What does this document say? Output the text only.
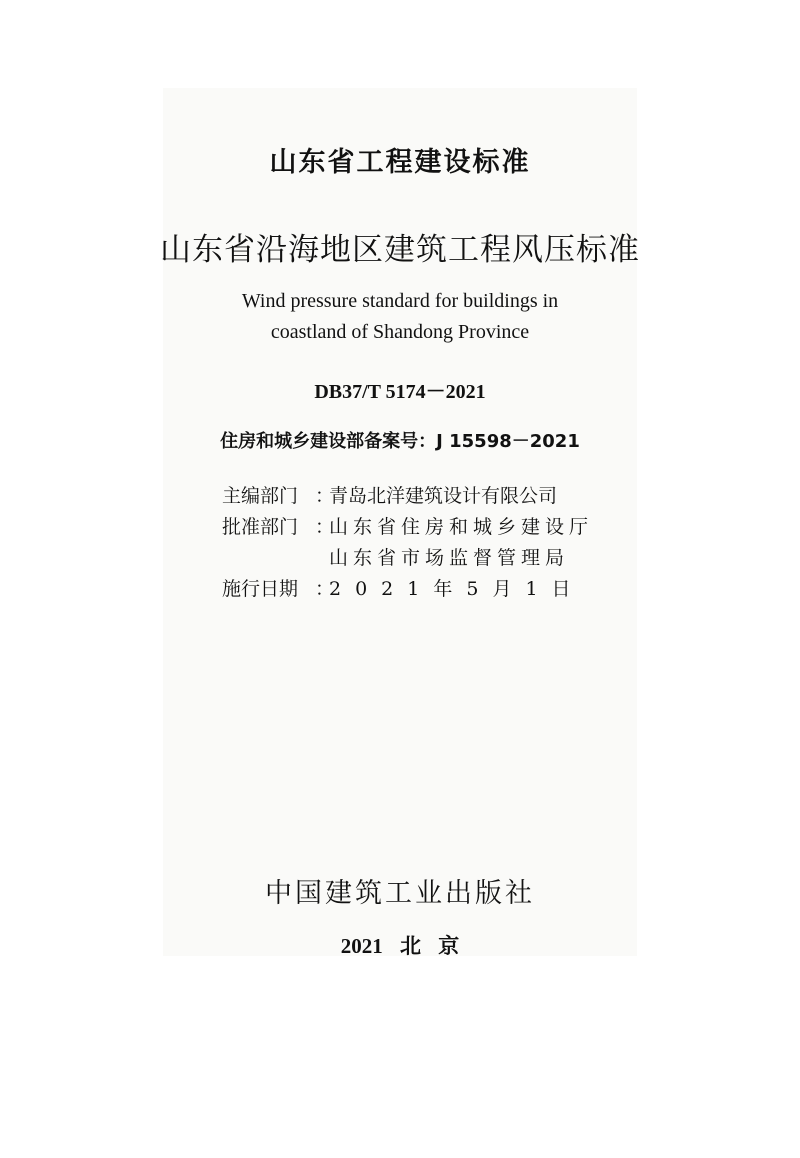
山东省工程建设标准
山东省沿海地区建筑工程风压标准
Wind pressure standard for buildings in
coastland of Shandong Province
DB37/T 5174－2021
住房和城乡建设部备案号：J 15598－2021
主编部门 ：
青岛北洋建筑设计有限公司
批准部门 ：
山东省住房和城乡建设厅
山东省市场监督管理局
施行日期 ：
2021年5月1日
中国建筑工业出版社
2021 北 京
